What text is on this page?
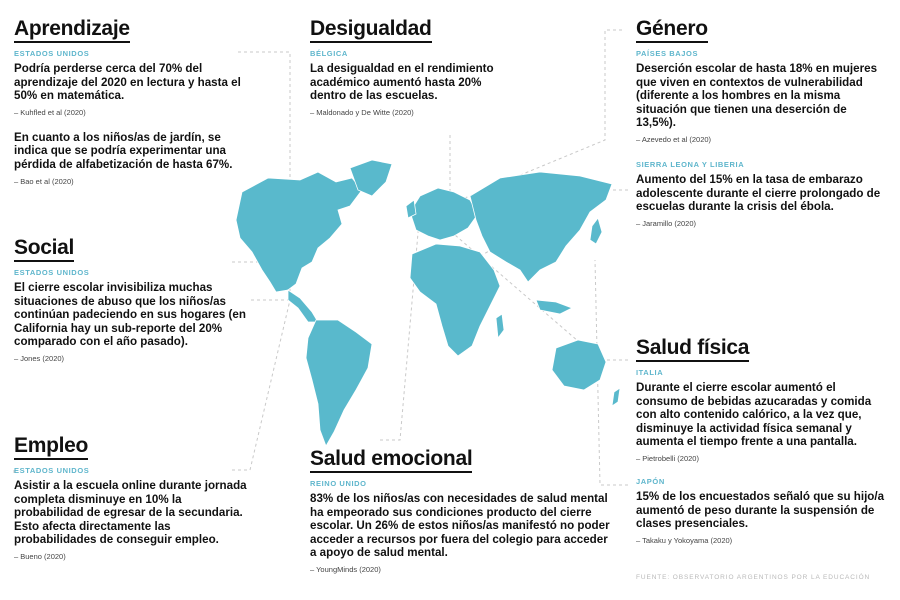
Aprendizaje
ESTADOS UNIDOS
Podría perderse cerca del 70% del aprendizaje del 2020 en lectura y hasta el 50% en matemática.
– Kuhfled et al (2020)
En cuanto a los niños/as de jardín, se indica que se podría experimentar una pérdida de alfabetización de hasta 67%.
– Bao et al (2020)
Social
ESTADOS UNIDOS
El cierre escolar invisibiliza muchas situaciones de abuso que los niños/as continúan padeciendo en sus hogares (en California hay un sub-reporte del 20% comparado con el año pasado).
– Jones (2020)
Empleo
ESTADOS UNIDOS
Asistir a la escuela online durante jornada completa disminuye en 10% la probabilidad de egresar de la secundaria. Esto afecta directamente las probabilidades de conseguir empleo.
– Bueno (2020)
Desigualdad
BÉLGICA
La desigualdad en el rendimiento académico aumentó hasta 20% dentro de las escuelas.
– Maldonado y De Witte (2020)
Salud emocional
REINO UNIDO
83% de los niños/as con necesidades de salud mental ha empeorado sus condiciones producto del cierre escolar. Un 26% de estos niños/as manifestó no poder acceder a recursos por fuera del colegio para acceder a apoyo de salud mental.
– YoungMinds (2020)
Género
PAÍSES BAJOS
Deserción escolar de hasta 18% en mujeres que viven en contextos de vulnerabilidad (diferente a los hombres en la misma situación que tienen una deserción de 13,5%).
– Azevedo et al (2020)
SIERRA LEONA Y LIBERIA
Aumento del 15% en la tasa de embarazo adolescente durante el cierre prolongado de escuelas durante la crisis del ébola.
– Jaramillo (2020)
Salud física
ITALIA
Durante el cierre escolar aumentó el consumo de bebidas azucaradas y comida con alto contenido calórico, a la vez que, disminuye la actividad física semanal y aumenta el tiempo frente a una pantalla.
– Pietrobelli (2020)
JAPÓN
15% de los encuestados señaló que su hijo/a aumentó de peso durante la suspensión de clases presenciales.
– Takaku y Yokoyama (2020)
FUENTE: OBSERVATORIO ARGENTINOS POR LA EDUCACIÓN
